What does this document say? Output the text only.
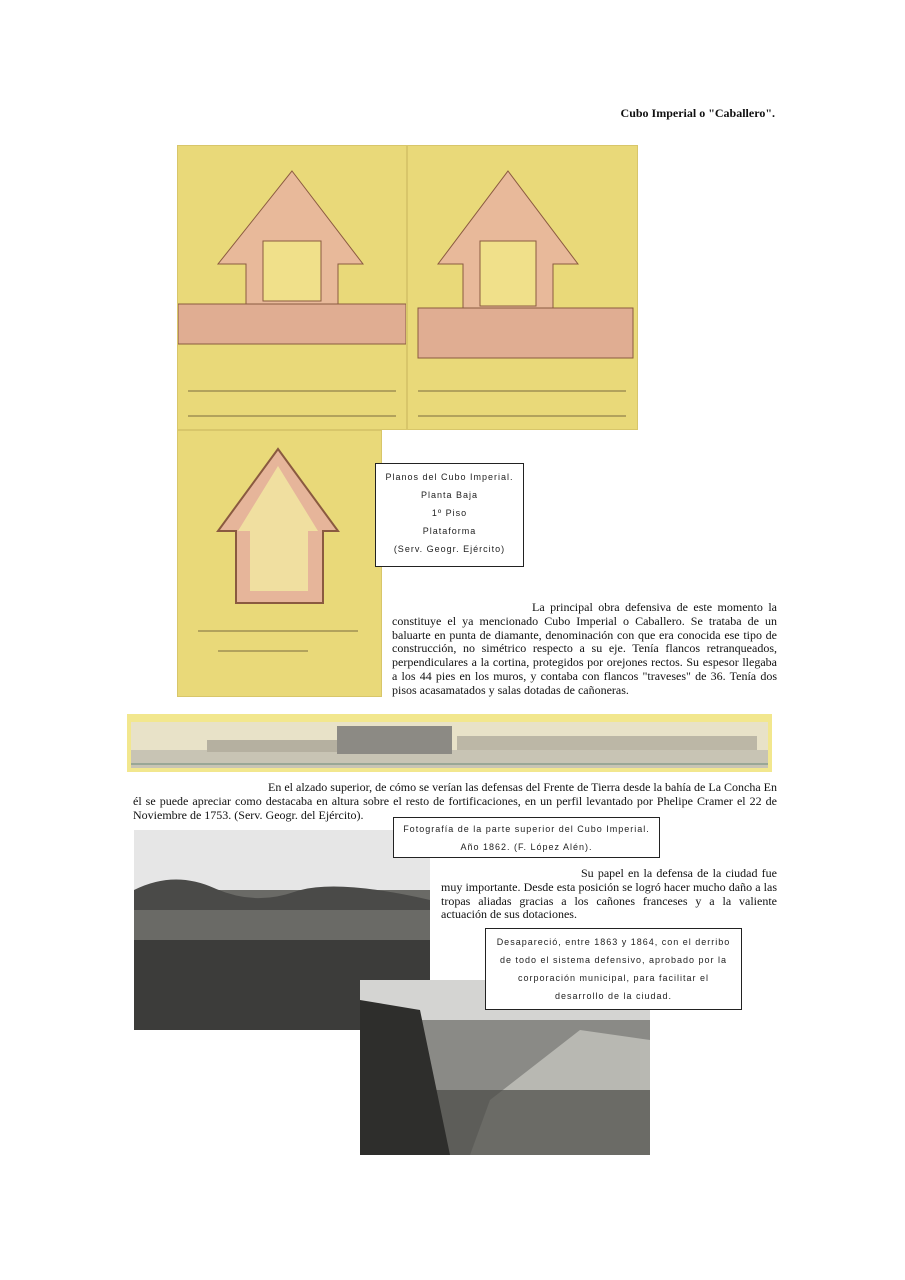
Cubo Imperial o "Caballero".
Planos del Cubo Imperial.
Planta Baja
1º Piso
Plataforma
(Serv. Geogr. Ejército)
La principal obra defensiva de este momento la constituye el ya mencionado Cubo Imperial o Caballero. Se trataba de un baluarte en punta de diamante, denominación con que era conocida ese tipo de construcción, no simétrico respecto a su eje. Tenía flancos retranqueados, perpendiculares a la cortina, protegidos por orejones rectos. Su espesor llegaba a los 44 pies en los muros, y contaba con flancos "traveses" de 36. Tenía dos pisos acasamatados y salas dotadas de cañoneras.
En el alzado superior, de cómo se verían las defensas del Frente de Tierra desde la bahía de La Concha En él se puede apreciar como destacaba en altura sobre el resto de fortificaciones, en un perfil levantado por Phelipe Cramer el 22 de Noviembre de 1753. (Serv. Geogr. del Ejército).
Fotografía de la parte superior del Cubo Imperial.
Año 1862. (F. López Alén).
Su papel en la defensa de la ciudad fue muy importante. Desde esta posición se logró hacer mucho daño a las tropas aliadas gracias a los cañones franceses y a la valiente actuación de sus dotaciones.
Desapareció, entre 1863 y 1864, con el derribo de todo el sistema defensivo, aprobado por la corporación municipal, para facilitar el desarrollo de la ciudad.
